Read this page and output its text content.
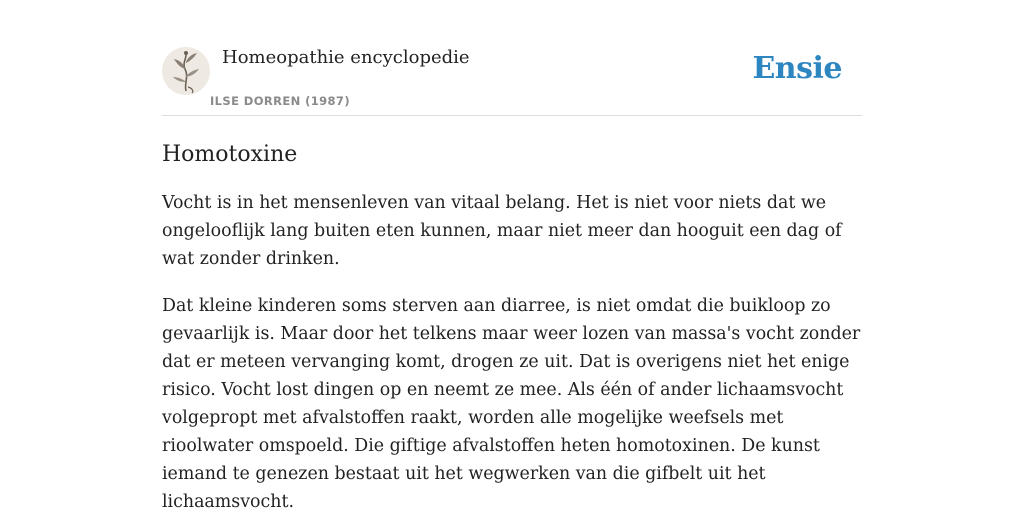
Homeopathie encyclopedie
ILSE DORREN (1987)
Ensie
Homotoxine

Vocht is in het mensenleven van vitaal belang. Het is niet voor niets dat we ongelooflijk lang buiten eten kunnen, maar niet meer dan hooguit een dag of wat zonder drinken.

Dat kleine kinderen soms sterven aan diarree, is niet omdat die buikloop zo gevaarlijk is. Maar door het telkens maar weer lozen van massa's vocht zonder dat er meteen vervanging komt, drogen ze uit. Dat is overigens niet het enige risico. Vocht lost dingen op en neemt ze mee. Als één of ander lichaamsvocht volgepropt met afvalstoffen raakt, worden alle mogelijke weefsels met rioolwater omspoeld. Die giftige afvalstoffen heten homotoxinen. De kunst iemand te genezen bestaat uit het wegwerken van die gifbelt uit het lichaamsvocht.
